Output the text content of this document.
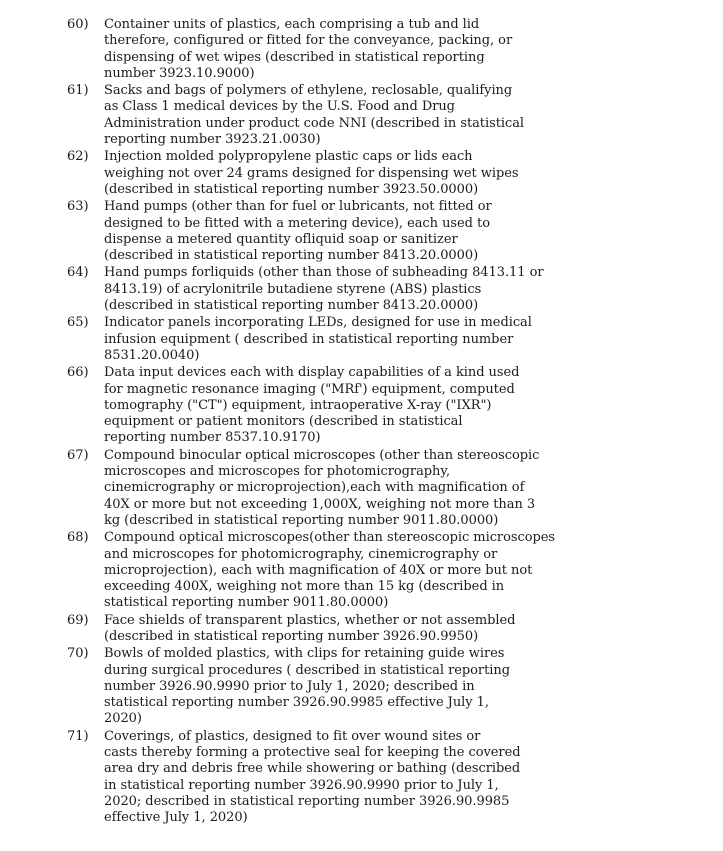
60) Container units of plastics, each comprising a tub and lid
therefore, configured or fitted for the conveyance, packing, or
dispensing of wet wipes (described in statistical reporting
number 3923.10.9000)
61) Sacks and bags of polymers of ethylene, reclosable, qualifying
as Class 1 medical devices by the U.S. Food and Drug
Administration under product code NNI (described in statistical
reporting number 3923.21.0030)
62) Injection molded polypropylene plastic caps or lids each
weighing not over 24 grams designed for dispensing wet wipes
(described in statistical reporting number 3923.50.0000)
63) Hand pumps (other than for fuel or lubricants, not fitted or
designed to be fitted with a metering device), each used to
dispense a metered quantity ofliquid soap or sanitizer
(described in statistical reporting number 8413.20.0000)
64) Hand pumps forliquids (other than those of subheading 8413.11 or
8413.19) of acrylonitrile butadiene styrene (ABS) plastics
(described in statistical reporting number 8413.20.0000)
65) Indicator panels incorporating LEDs, designed for use in medical
infusion equipment ( described in statistical reporting number
8531.20.0040)
66) Data input devices each with display capabilities of a kind used
for magnetic resonance imaging ("MRf') equipment, computed
tomography ("CT") equipment, intraoperative X-ray ("IXR")
equipment or patient monitors (described in statistical
reporting number 8537.10.9170)
67) Compound binocular optical microscopes (other than stereoscopic
microscopes and microscopes for photomicrography,
cinemicrography or microprojection),each with magnification of
40X or more but not exceeding 1,000X, weighing not more than 3
kg (described in statistical reporting number 9011.80.0000)
68) Compound optical microscopes(other than stereoscopic microscopes
and microscopes for photomicrography, cinemicrography or
microprojection), each with magnification of 40X or more but not
exceeding 400X, weighing not more than 15 kg (described in
statistical reporting number 9011.80.0000)
69) Face shields of transparent plastics, whether or not assembled
(described in statistical reporting number 3926.90.9950)
70) Bowls of molded plastics, with clips for retaining guide wires
during surgical procedures ( described in statistical reporting
number 3926.90.9990 prior to July 1, 2020; described in
statistical reporting number 3926.90.9985 effective July 1,
2020)
71) Coverings, of plastics, designed to fit over wound sites or
casts thereby forming a protective seal for keeping the covered
area dry and debris free while showering or bathing (described
in statistical reporting number 3926.90.9990 prior to July 1,
2020; described in statistical reporting number 3926.90.9985
effective July 1, 2020)
